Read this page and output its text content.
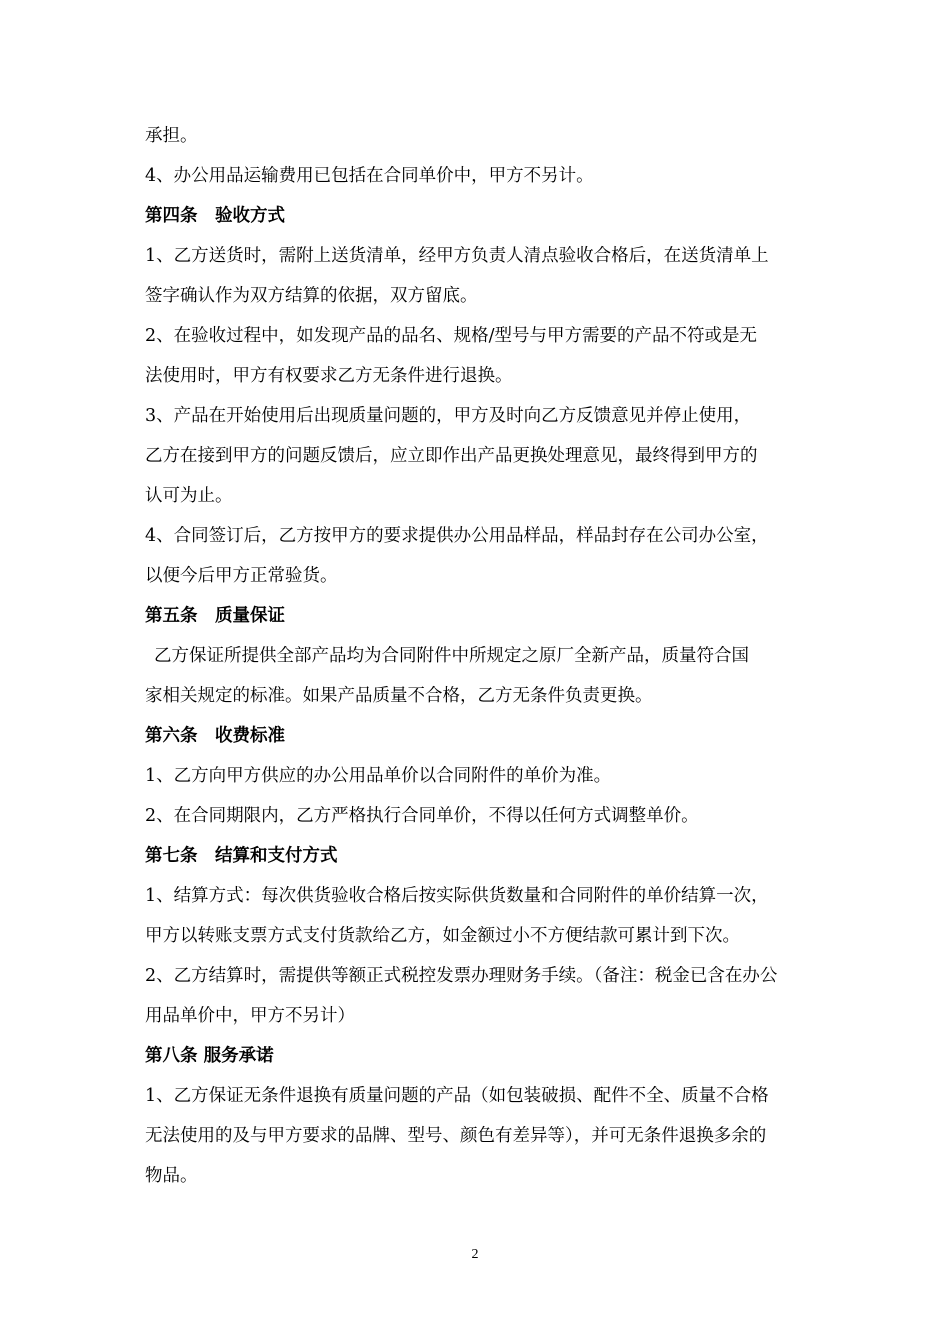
承担。
4、办公用品运输费用已包括在合同单价中，甲方不另计。
第四条　验收方式
1、乙方送货时，需附上送货清单，经甲方负责人清点验收合格后，在送货清单上
签字确认作为双方结算的依据，双方留底。
2、在验收过程中，如发现产品的品名、规格/型号与甲方需要的产品不符或是无
法使用时，甲方有权要求乙方无条件进行退换。
3、产品在开始使用后出现质量问题的，甲方及时向乙方反馈意见并停止使用，
乙方在接到甲方的问题反馈后，应立即作出产品更换处理意见，最终得到甲方的
认可为止。
4、合同签订后，乙方按甲方的要求提供办公用品样品，样品封存在公司办公室，
以便今后甲方正常验货。
第五条　质量保证
乙方保证所提供全部产品均为合同附件中所规定之原厂全新产品，质量符合国
家相关规定的标准。如果产品质量不合格，乙方无条件负责更换。
第六条　收费标准
1、乙方向甲方供应的办公用品单价以合同附件的单价为准。
2、在合同期限内，乙方严格执行合同单价，不得以任何方式调整单价。
第七条　结算和支付方式
1、结算方式：每次供货验收合格后按实际供货数量和合同附件的单价结算一次，
甲方以转账支票方式支付货款给乙方，如金额过小不方便结款可累计到下次。
2、乙方结算时，需提供等额正式税控发票办理财务手续。（备注：税金已含在办公
用品单价中，甲方不另计）
第八条 服务承诺
1、乙方保证无条件退换有质量问题的产品（如包装破损、配件不全、质量不合格
无法使用的及与甲方要求的品牌、型号、颜色有差异等），并可无条件退换多余的
物品。
2
